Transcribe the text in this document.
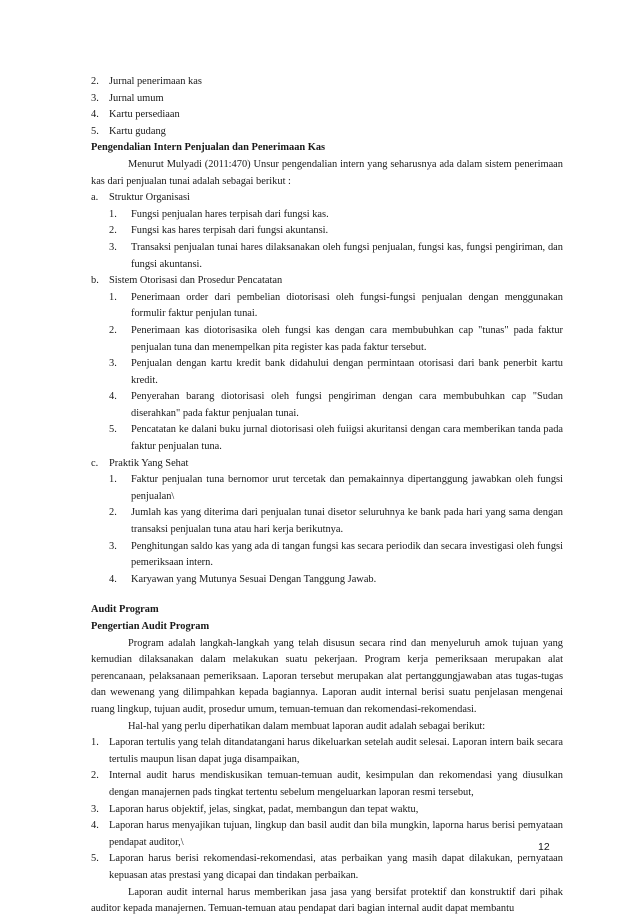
2. Jurnal penerimaan kas
3. Jurnal umum
4. Kartu persediaan
5. Kartu gudang
Pengendalian Intern Penjualan dan Penerimaan Kas
Menurut Mulyadi (2011:470) Unsur pengendalian intern yang seharusnya ada dalam sistem penerimaan kas dari penjualan tunai adalah sebagai berikut :
a. Struktur Organisasi
1. Fungsi penjualan hares terpisah dari fungsi kas.
2. Fungsi kas hares terpisah dari fungsi akuntansi.
3. Transaksi penjualan tunai hares dilaksanakan oleh fungsi penjualan, fungsi kas, fungsi pengiriman, dan fungsi akuntansi.
b. Sistem Otorisasi dan Prosedur Pencatatan
1. Penerimaan order dari pembelian diotorisasi oleh fungsi-fungsi penjualan dengan menggunakan formulir faktur penjulan tunai.
2. Penerimaan kas diotorisasika oleh fungsi kas dengan cara membubuhkan cap "tunas" pada faktur penjualan tuna dan menempelkan pita register kas pada faktur tersebut.
3. Penjualan dengan kartu kredit bank didahului dengan permintaan otorisasi dari bank penerbit kartu kredit.
4. Penyerahan barang diotorisasi oleh fungsi pengiriman dengan cara membubuhkan cap "Sudan diserahkan" pada faktur penjualan tunai.
5. Pencatatan ke dalani buku jurnal diotorisasi oleh fuiigsi akuritansi dengan cara memberikan tanda pada faktur penjualan tuna.
c. Praktik Yang Sehat
1. Faktur penjualan tuna bernomor urut tercetak dan pemakainnya dipertanggung jawabkan oleh fungsi penjualan\
2. Jumlah kas yang diterima dari penjualan tunai disetor seluruhnya ke bank pada hari yang sama dengan transaksi penjualan tuna atau hari kerja berikutnya.
3. Penghitungan saldo kas yang ada di tangan fungsi kas secara periodik dan secara investigasi oleh fungsi pemeriksaan intern.
4. Karyawan yang Mutunya Sesuai Dengan Tanggung Jawab.
Audit Program
Pengertian Audit Program
Program adalah langkah-langkah yang telah disusun secara rind dan menyeluruh amok tujuan yang kemudian dilaksanakan dalam melakukan suatu pekerjaan. Program kerja pemeriksaan merupakan alat perencanaan, pelaksanaan pemeriksaan. Laporan tersebut merupakan alat pertanggungjawaban atas tugas-tugas dan wewenang yang dilimpahkan kepada bagiannya. Laporan audit internal berisi suatu penjelasan mengenai ruang lingkup, tujuan audit, prosedur umum, temuan-temuan dan rekomendasi-rekomendasi.
Hal-hal yang perlu diperhatikan dalam membuat laporan audit adalah sebagai berikut:
1. Laporan tertulis yang telah ditandatangani harus dikeluarkan setelah audit selesai. Laporan intern baik secara tertulis maupun lisan dapat juga disampaikan,
2. Internal audit harus mendiskusikan temuan-temuan audit, kesimpulan dan rekomendasi yang diusulkan dengan manajernen pads tingkat tertentu sebelum mengeluarkan laporan resmi tersebut,
3. Laporan harus objektif, jelas, singkat, padat, membangun dan tepat waktu,
4. Laporan harus menyajikan tujuan, lingkup dan basil audit dan bila mungkin, laporna harus berisi pemyataan pendapat auditor,\
5. Laporan harus berisi rekomendasi-rekomendasi, atas perbaikan yang masih dapat dilakukan, pernyataan kepuasan atas prestasi yang dicapai dan tindakan perbaikan.
Laporan audit internal harus memberikan jasa jasa yang bersifat protektif dan konstruktif dari pihak auditor kepada manajernen. Temuan-temuan atau pendapat dari bagian internal audit dapat membantu
12
